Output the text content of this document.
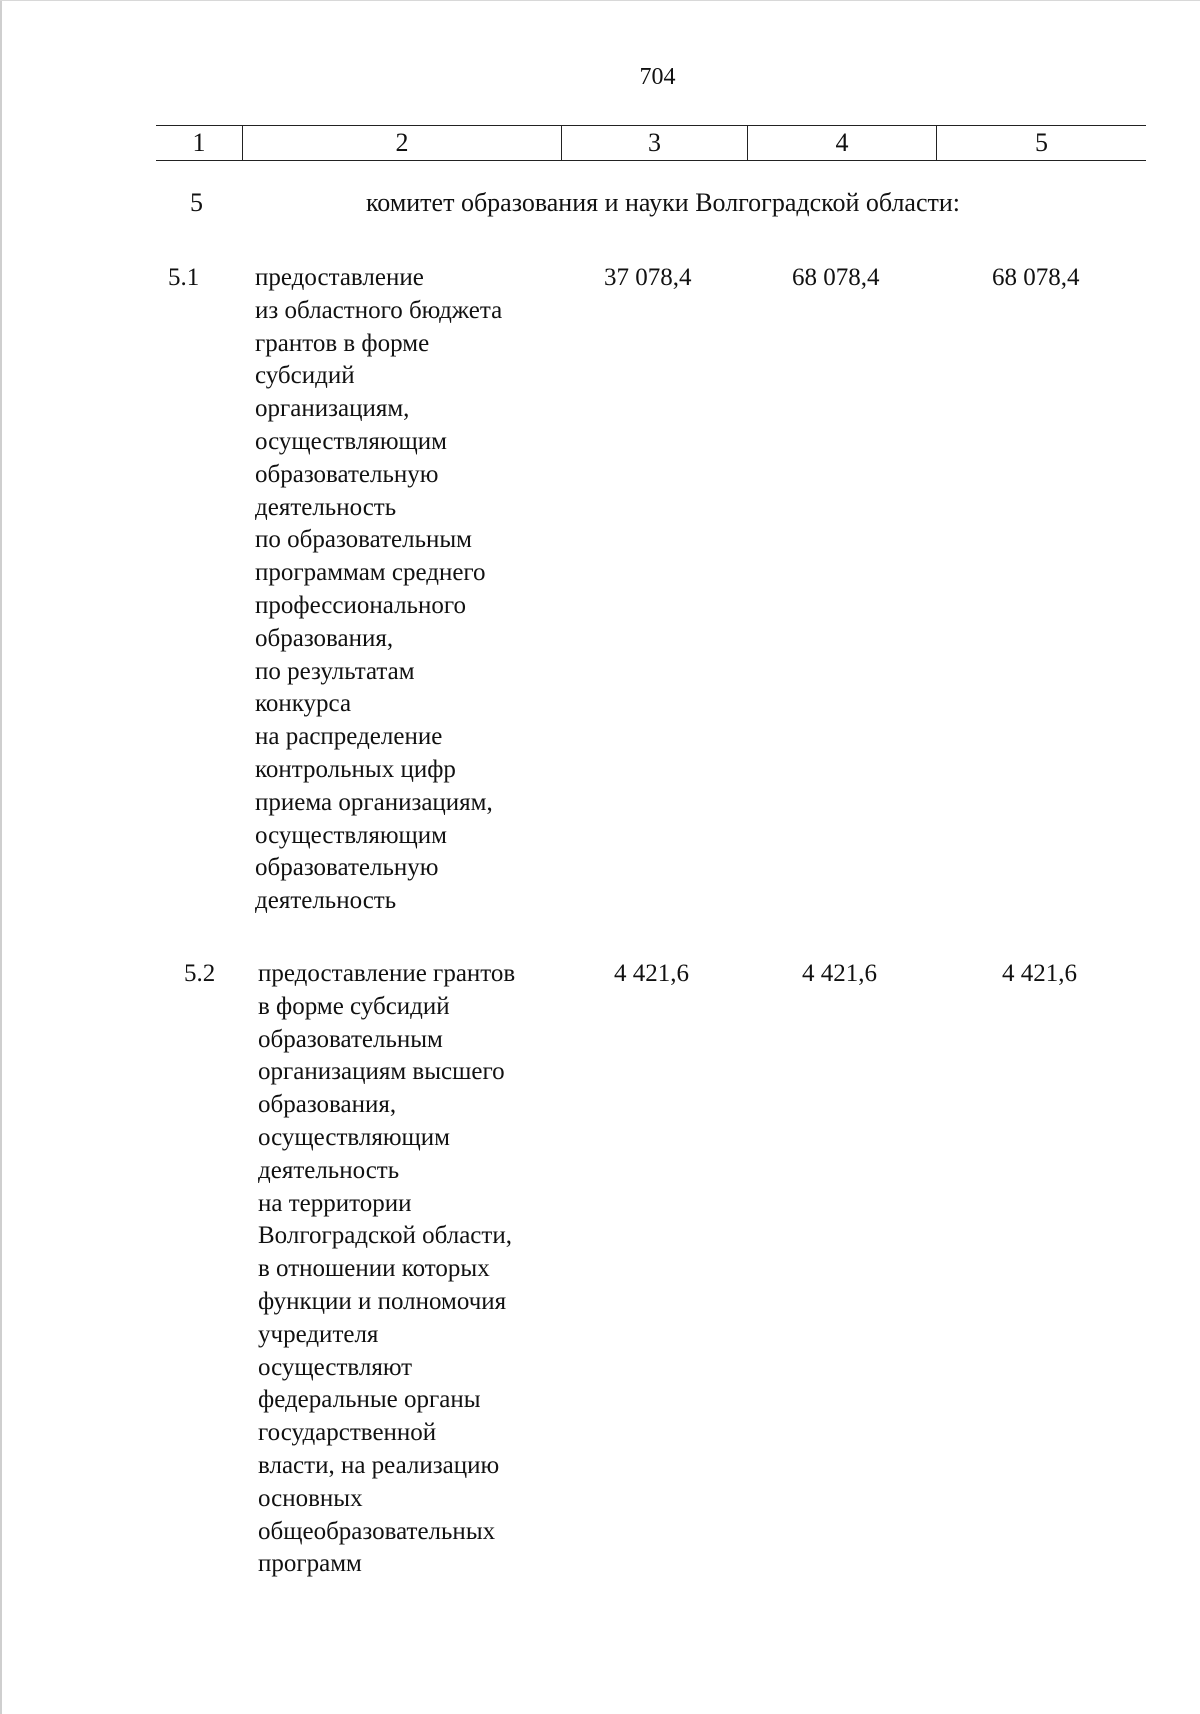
704
1	2	3	4	5
5	комитет образования и науки Волгоградской области:
5.1 предоставление
из областного бюджета
грантов в форме
субсидий
организациям,
осуществляющим
образовательную
деятельность
по образовательным
программам среднего
профессионального
образования,
по результатам
конкурса
на распределение
контрольных цифр
приема организациям,
осуществляющим
образовательную
деятельность
37 078,4	68 078,4	68 078,4
5.2 предоставление грантов
в форме субсидий
образовательным
организациям высшего
образования,
осуществляющим
деятельность
на территории
Волгоградской области,
в отношении которых
функции и полномочия
учредителя
осуществляют
федеральные органы
государственной
власти, на реализацию
основных
общеобразовательных
программ
4 421,6	4 421,6	4 421,6
